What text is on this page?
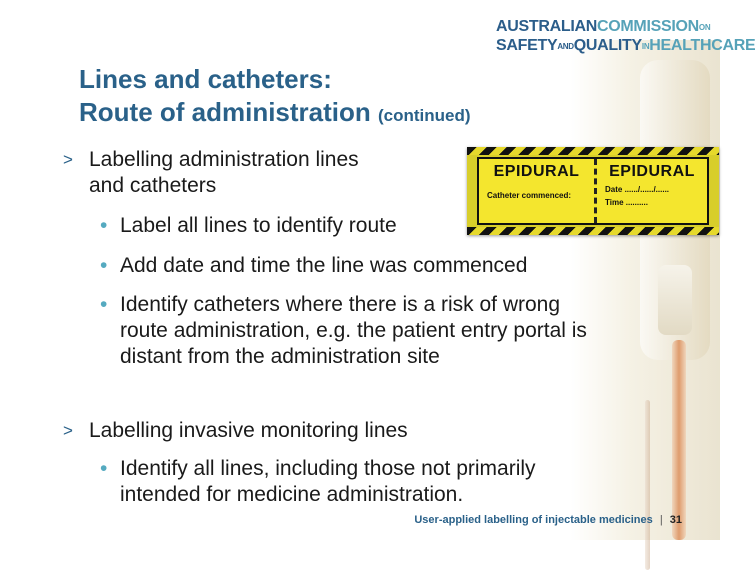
AUSTRALIANCOMMISSIONON
SAFETYANDQUALITYINHEALTHCARE
Lines and catheters:
Route of administration (continued)
> Labelling administration lines
and catheters
• Label all lines to identify route
• Add date and time the line was commenced
• Identify catheters where there is a risk of wrong route administration, e.g. the patient entry portal is distant from the administration site
> Labelling invasive monitoring lines
• Identify all lines, including those not primarily intended for medicine administration.
EPIDURAL
Catheter commenced:
EPIDURAL
Date ....../....../......
Time ..........
User-applied labelling of injectable medicines | 31
